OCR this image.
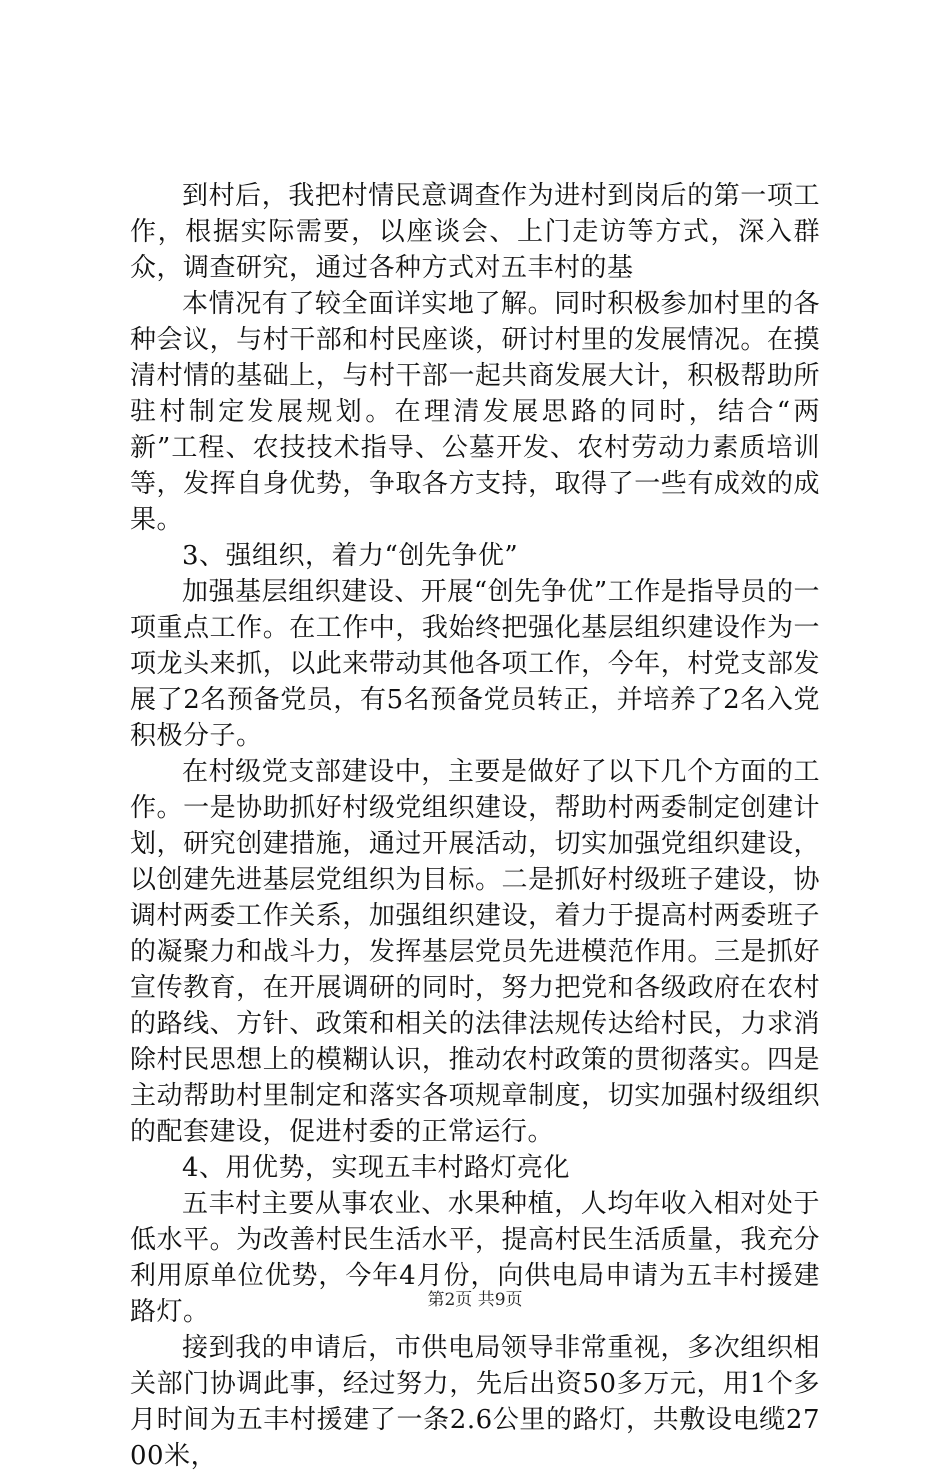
到村后，我把村情民意调查作为进村到岗后的第一项工作，根据实际需要，以座谈会、上门走访等方式，深入群众，调查研究，通过各种方式对五丰村的基

本情况有了较全面详实地了解。同时积极参加村里的各种会议，与村干部和村民座谈，研讨村里的发展情况。在摸清村情的基础上，与村干部一起共商发展大计，积极帮助所驻村制定发展规划。在理清发展思路的同时，结合“两新”工程、农技技术指导、公墓开发、农村劳动力素质培训等，发挥自身优势，争取各方支持，取得了一些有成效的成果。

3、强组织，着力“创先争优”

加强基层组织建设、开展“创先争优”工作是指导员的一项重点工作。在工作中，我始终把强化基层组织建设作为一项龙头来抓，以此来带动其他各项工作，今年，村党支部发展了2名预备党员，有5名预备党员转正，并培养了2名入党积极分子。

在村级党支部建设中，主要是做好了以下几个方面的工作。一是协助抓好村级党组织建设，帮助村两委制定创建计划，研究创建措施，通过开展活动，切实加强党组织建设，以创建先进基层党组织为目标。二是抓好村级班子建设，协调村两委工作关系，加强组织建设，着力于提高村两委班子的凝聚力和战斗力，发挥基层党员先进模范作用。三是抓好宣传教育，在开展调研的同时，努力把党和各级政府在农村的路线、方针、政策和相关的法律法规传达给村民，力求消除村民思想上的模糊认识，推动农村政策的贯彻落实。四是主动帮助村里制定和落实各项规章制度，切实加强村级组织的配套建设，促进村委的正常运行。

4、用优势，实现五丰村路灯亮化

五丰村主要从事农业、水果种植，人均年收入相对处于低水平。为改善村民生活水平，提高村民生活质量，我充分利用原单位优势，今年4月份，向供电局申请为五丰村援建路灯。

接到我的申请后，市供电局领导非常重视，多次组织相关部门协调此事，经过努力，先后出资50多万元，用1个多月时间为五丰村援建了一条2.6公里的路灯，共敷设电缆2700米，

第2页 共9页
